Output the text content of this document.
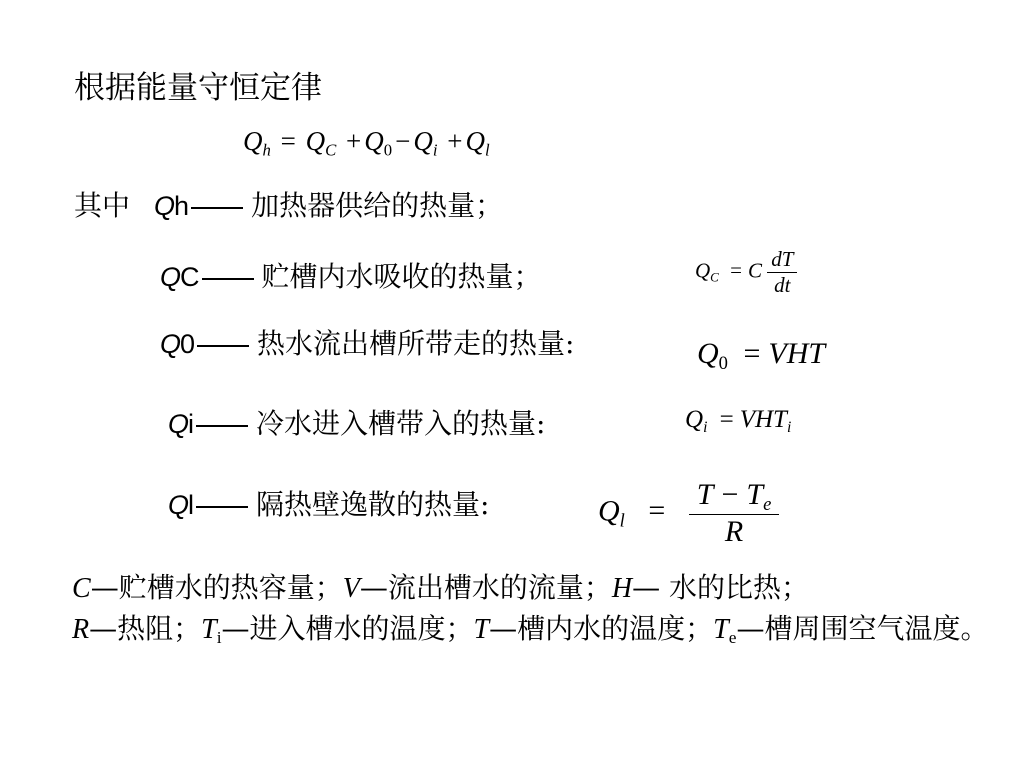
根据能量守恒定律
$Q_h = Q_C + Q_0 - Q_i + Q_l$
其中 Qh 加热器供给的热量；
QC 贮槽内水吸收的热量；
Q0 热水流出槽所带走的热量:
Qi 冷水进入槽带入的热量:
Ql 隔热壁逸散的热量:
$Q_C = C \frac{dT}{dt}$
$Q_0$ = VHT
$Q_i = VHT_i$
$Q_l = \frac{T - T_e}{R}$
C—贮槽水的热容量；V—流出槽水的流量；H— 水的比热；
R—热阻；$T_i—$进入槽水的温度；T—槽内水的温度；$T_e—$槽周围空气温度。
